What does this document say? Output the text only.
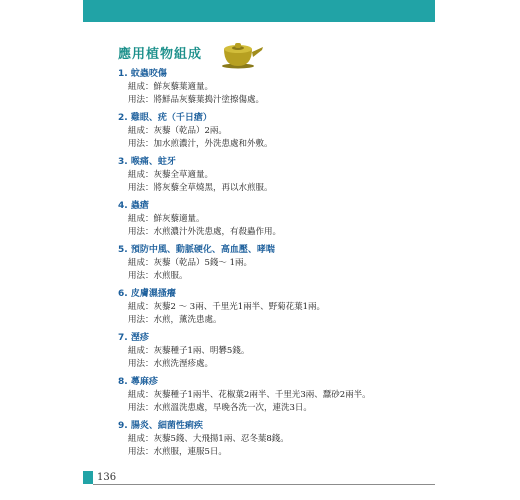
應用植物組成
1. 蚊蟲咬傷
組成：鮮灰藜葉適量。
用法：將鮮品灰藜葉搗汁塗擦傷處。
2. 雞眼、疣（千日瘡）
組成：灰藜（乾品）2兩。
用法：加水煎濃汁，外洗患處和外敷。
3. 喉痛、蛀牙
組成：灰藜全草適量。
用法：將灰藜全草燒黑，再以水煎服。
4. 蟲瘡
組成：鮮灰藜適量。
用法：水煎濃汁外洗患處，有殺蟲作用。
5. 預防中風、動脈硬化、高血壓、哮喘
組成：灰藜（乾品）5錢～ 1兩。
用法：水煎服。
6. 皮膚濕搔癢
組成：灰藜2 ～ 3兩、千里光1兩半、野菊花葉1兩。
用法：水煎，薰洗患處。
7. 溼疹
組成：灰藜種子1兩、明礬5錢。
用法：水煎洗溼疹處。
8. 蕁麻疹
組成：灰藜種子1兩半、花椒葉2兩半、千里光3兩、蠶砂2兩半。
用法：水煎溫洗患處，早晚各洗一次，連洗3日。
9. 腸炎、細菌性痢疾
組成：灰藜5錢、大飛揚1兩、忍冬葉8錢。
用法：水煎服，連服5日。
136
